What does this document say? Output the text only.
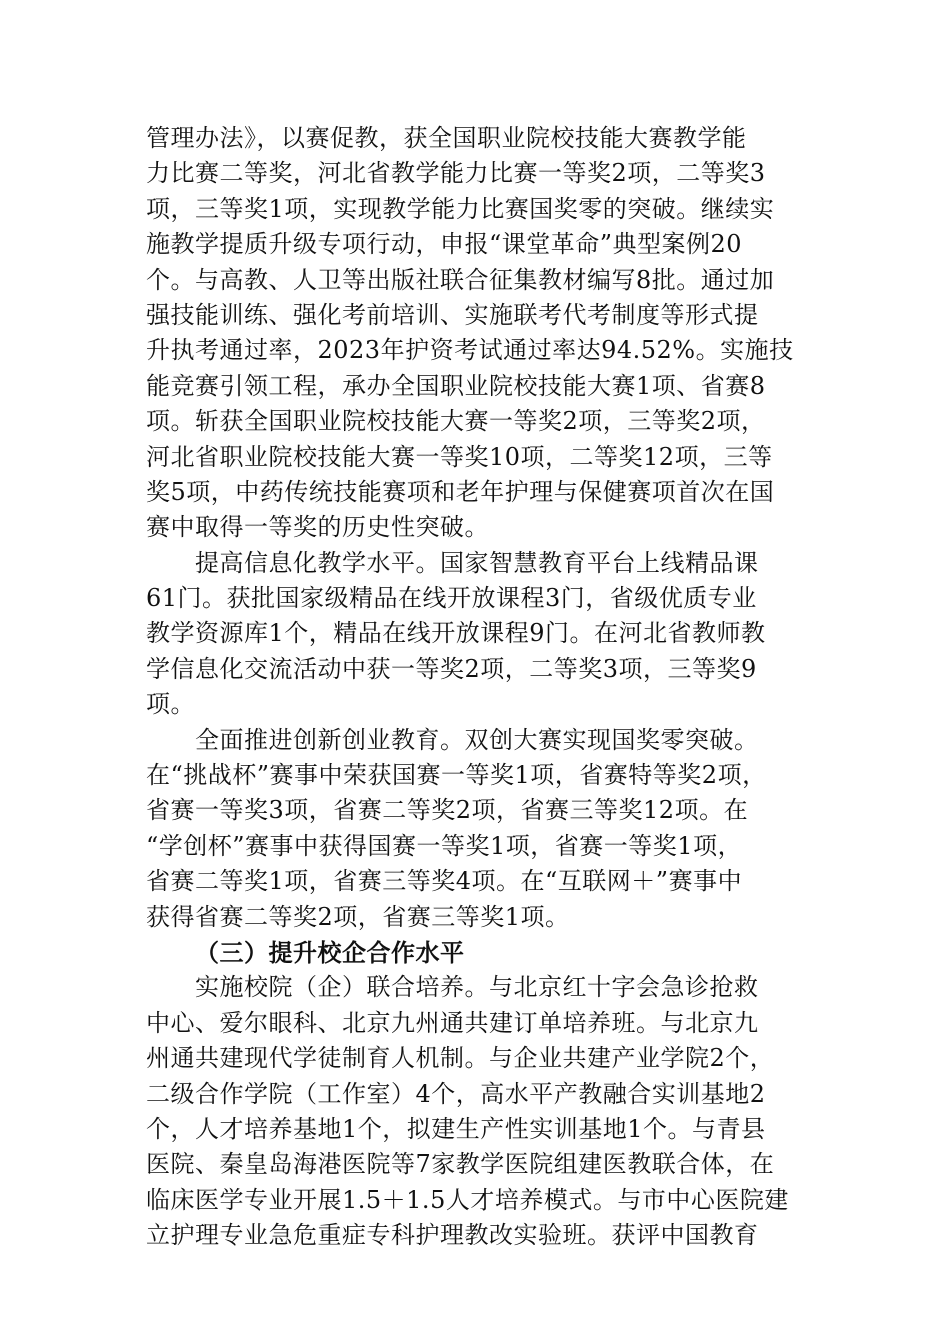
管理办法》，以赛促教，获全国职业院校技能大赛教学能
力比赛二等奖，河北省教学能力比赛一等奖2项，二等奖3
项，三等奖1项，实现教学能力比赛国奖零的突破。继续实
施教学提质升级专项行动，申报“课堂革命”典型案例20
个。与高教、人卫等出版社联合征集教材编写8批。通过加
强技能训练、强化考前培训、实施联考代考制度等形式提
升执考通过率，2023年护资考试通过率达94.52%。实施技
能竞赛引领工程，承办全国职业院校技能大赛1项、省赛8
项。斩获全国职业院校技能大赛一等奖2项，三等奖2项，
河北省职业院校技能大赛一等奖10项，二等奖12项，三等
奖5项，中药传统技能赛项和老年护理与保健赛项首次在国
赛中取得一等奖的历史性突破。
提高信息化教学水平。国家智慧教育平台上线精品课
61门。获批国家级精品在线开放课程3门，省级优质专业
教学资源库1个，精品在线开放课程9门。在河北省教师教
学信息化交流活动中获一等奖2项，二等奖3项，三等奖9
项。
全面推进创新创业教育。双创大赛实现国奖零突破。
在“挑战杯”赛事中荣获国赛一等奖1项，省赛特等奖2项，
省赛一等奖3项，省赛二等奖2项，省赛三等奖12项。在
“学创杯”赛事中获得国赛一等奖1项，省赛一等奖1项，
省赛二等奖1项，省赛三等奖4项。在“互联网＋”赛事中
获得省赛二等奖2项，省赛三等奖1项。
（三）提升校企合作水平
实施校院（企）联合培养。与北京红十字会急诊抢救
中心、爱尔眼科、北京九州通共建订单培养班。与北京九
州通共建现代学徒制育人机制。与企业共建产业学院2个，
二级合作学院（工作室）4个，高水平产教融合实训基地2
个，人才培养基地1个，拟建生产性实训基地1个。与青县
医院、秦皇岛海港医院等7家教学医院组建医教联合体，在
临床医学专业开展1.5＋1.5人才培养模式。与市中心医院建
立护理专业急危重症专科护理教改实验班。获评中国教育
